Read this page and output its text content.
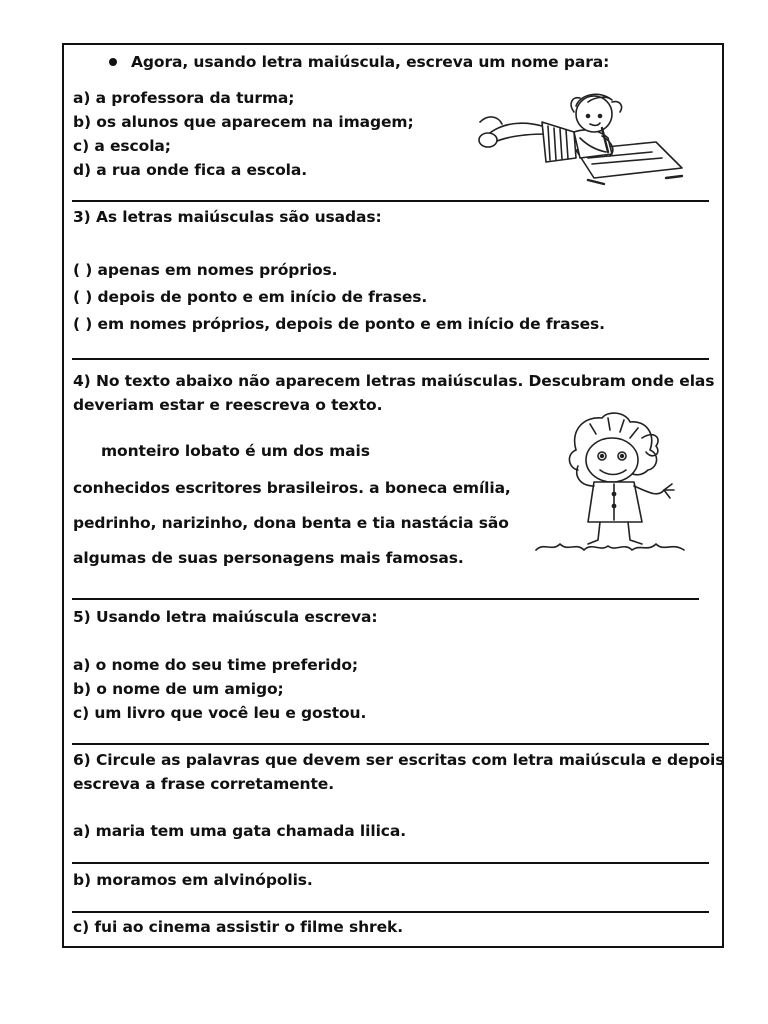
Agora, usando letra maiúscula, escreva um nome para:
a) a professora da turma;
b) os alunos que aparecem na imagem;
c) a escola;
d) a rua onde fica a escola.
3) As letras maiúsculas são usadas:
( ) apenas em nomes próprios.
( ) depois de ponto e em início de frases.
( ) em nomes próprios, depois de ponto e em início de frases.
4) No texto abaixo não aparecem letras maiúsculas. Descubram onde elas
deveriam estar e reescreva o texto.
monteiro lobato é um dos mais
conhecidos escritores brasileiros. a boneca emília,
pedrinho, narizinho, dona benta e tia nastácia são
algumas de suas personagens mais famosas.
5) Usando letra maiúscula escreva:
a) o nome do seu time preferido;
b) o nome de um amigo;
c) um livro que você leu e gostou.
6) Circule as palavras que devem ser escritas com letra maiúscula e depois
escreva a frase corretamente.
a) maria tem uma gata chamada lilica.
b) moramos em alvinópolis.
c) fui ao cinema assistir o filme shrek.
